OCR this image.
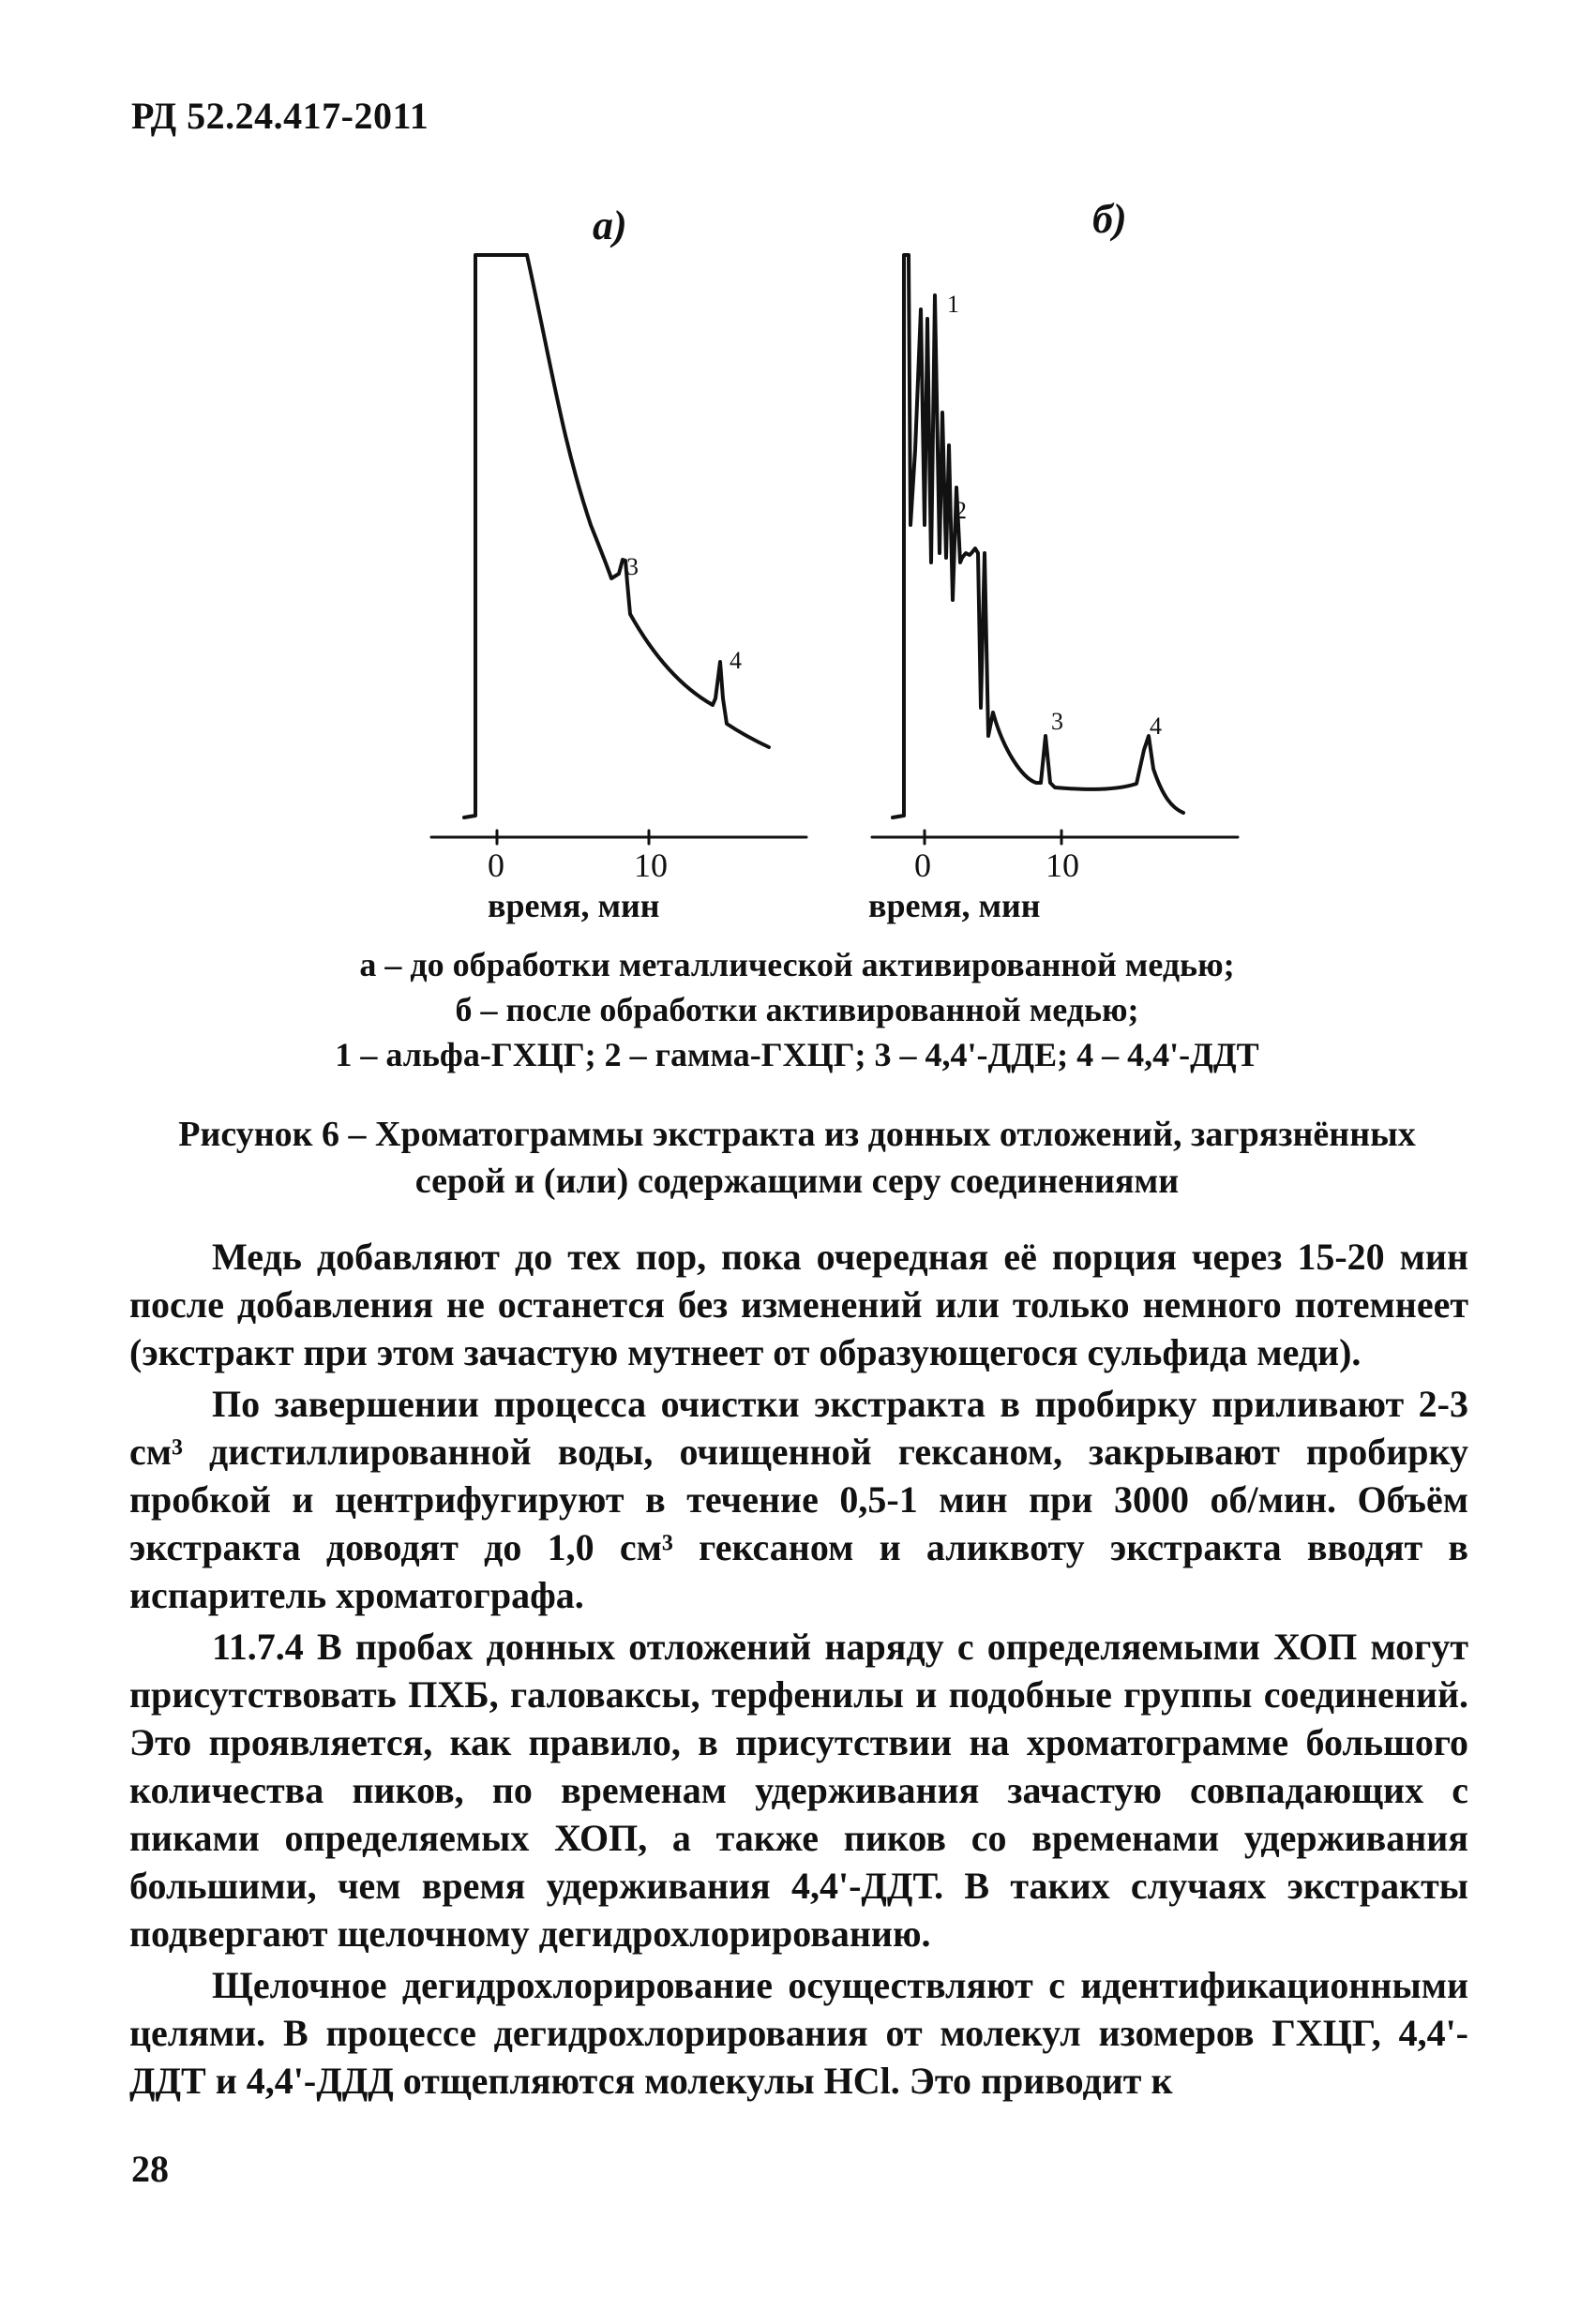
РД 52.24.417-2011
а)	б)
3
4
1
2
3	4
0	10	0	10
время, мин	время, мин
а – до обработки металлической активированной медью;
б – после обработки активированной медью;
1 – альфа-ГХЦГ; 2 – гамма-ГХЦГ; 3 – 4,4'-ДДЕ; 4 – 4,4'-ДДТ
Рисунок 6 – Хроматограммы экстракта из донных отложений, загрязнённых серой и (или) содержащими серу соединениями

Медь добавляют до тех пор, пока очередная её порция через 15-20 мин после добавления не останется без изменений или только немного потемнеет (экстракт при этом зачастую мутнеет от образующегося сульфида меди).

По завершении процесса очистки экстракта в пробирку приливают 2-3 см³ дистиллированной воды, очищенной гексаном, закрывают пробирку пробкой и центрифугируют в течение 0,5-1 мин при 3000 об/мин. Объём экстракта доводят до 1,0 см³ гексаном и аликвоту экстракта вводят в испаритель хроматографа.

11.7.4 В пробах донных отложений наряду с определяемыми ХОП могут присутствовать ПХБ, галоваксы, терфенилы и подобные группы соединений. Это проявляется, как правило, в присутствии на хроматограмме большого количества пиков, по временам удерживания зачастую совпадающих с пиками определяемых ХОП, а также пиков со временами удерживания большими, чем время удерживания 4,4'-ДДТ. В таких случаях экстракты подвергают щелочному дегидрохлорированию.

Щелочное дегидрохлорирование осуществляют с идентификационными целями. В процессе дегидрохлорирования от молекул изомеров ГХЦГ, 4,4'-ДДТ и 4,4'-ДДД отщепляются молекулы HCl. Это приводит к

28
